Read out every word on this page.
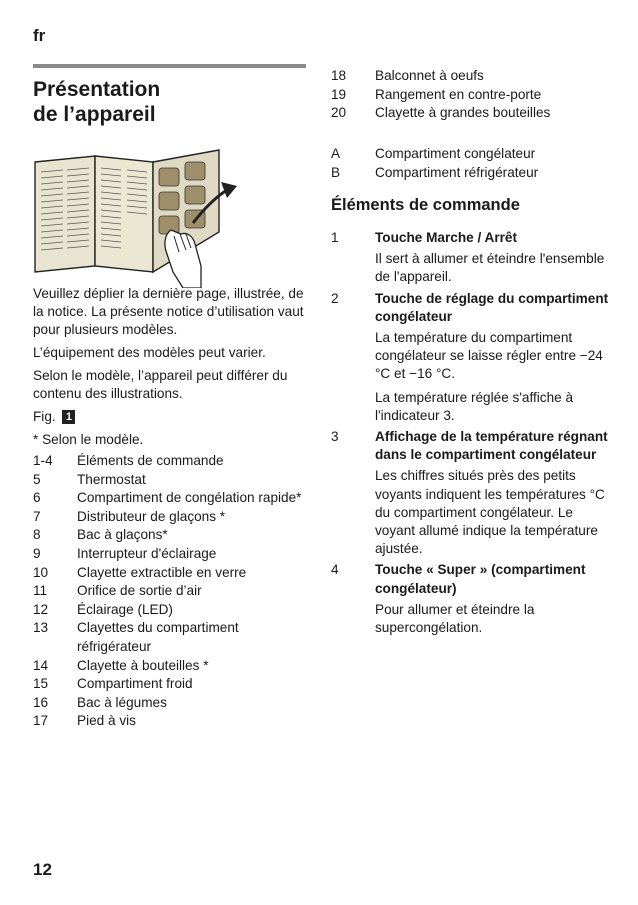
fr
Présentation
de l’appareil

Veuillez déplier la dernière page, illustrée, de la notice. La présente notice d’utilisation vaut pour plusieurs modèles.

L’équipement des modèles peut varier.

Selon le modèle, l’appareil peut différer du contenu des illustrations.

Fig. 1

* Selon le modèle.

1-4 Éléments de commande
5	Thermostat
6	Compartiment de congélation rapide*
7	Distributeur de glaçons *
8	Bac à glaçons*
9	Interrupteur d'éclairage
10 Clayette extractible en verre
11 Orifice de sortie d’air
12 Éclairage (LED)
13 Clayettes du compartiment réfrigérateur
14 Clayette à bouteilles *
15 Compartiment froid
16 Bac à légumes
17 Pied à vis
18 Balconnet à oeufs
19 Rangement en contre-porte
20 Clayette à grandes bouteilles
A	Compartiment congélateur
B	Compartiment réfrigérateur
Éléments de commande
1	Touche Marche / Arrêt
Il sert à allumer et éteindre l'ensemble de l'appareil.
2	Touche de réglage du compartiment congélateur
La température du compartiment congélateur se laisse régler entre −24 °C et −16 °C.
La température réglée s'affiche à l'indicateur 3.
3	Affichage de la température régnant dans le compartiment congélateur
Les chiffres situés près des petits voyants indiquent les températures °C du compartiment congélateur. Le voyant allumé indique la température ajustée.
4	Touche « Super » (compartiment congélateur)
Pour allumer et éteindre la supercongélation.
12
